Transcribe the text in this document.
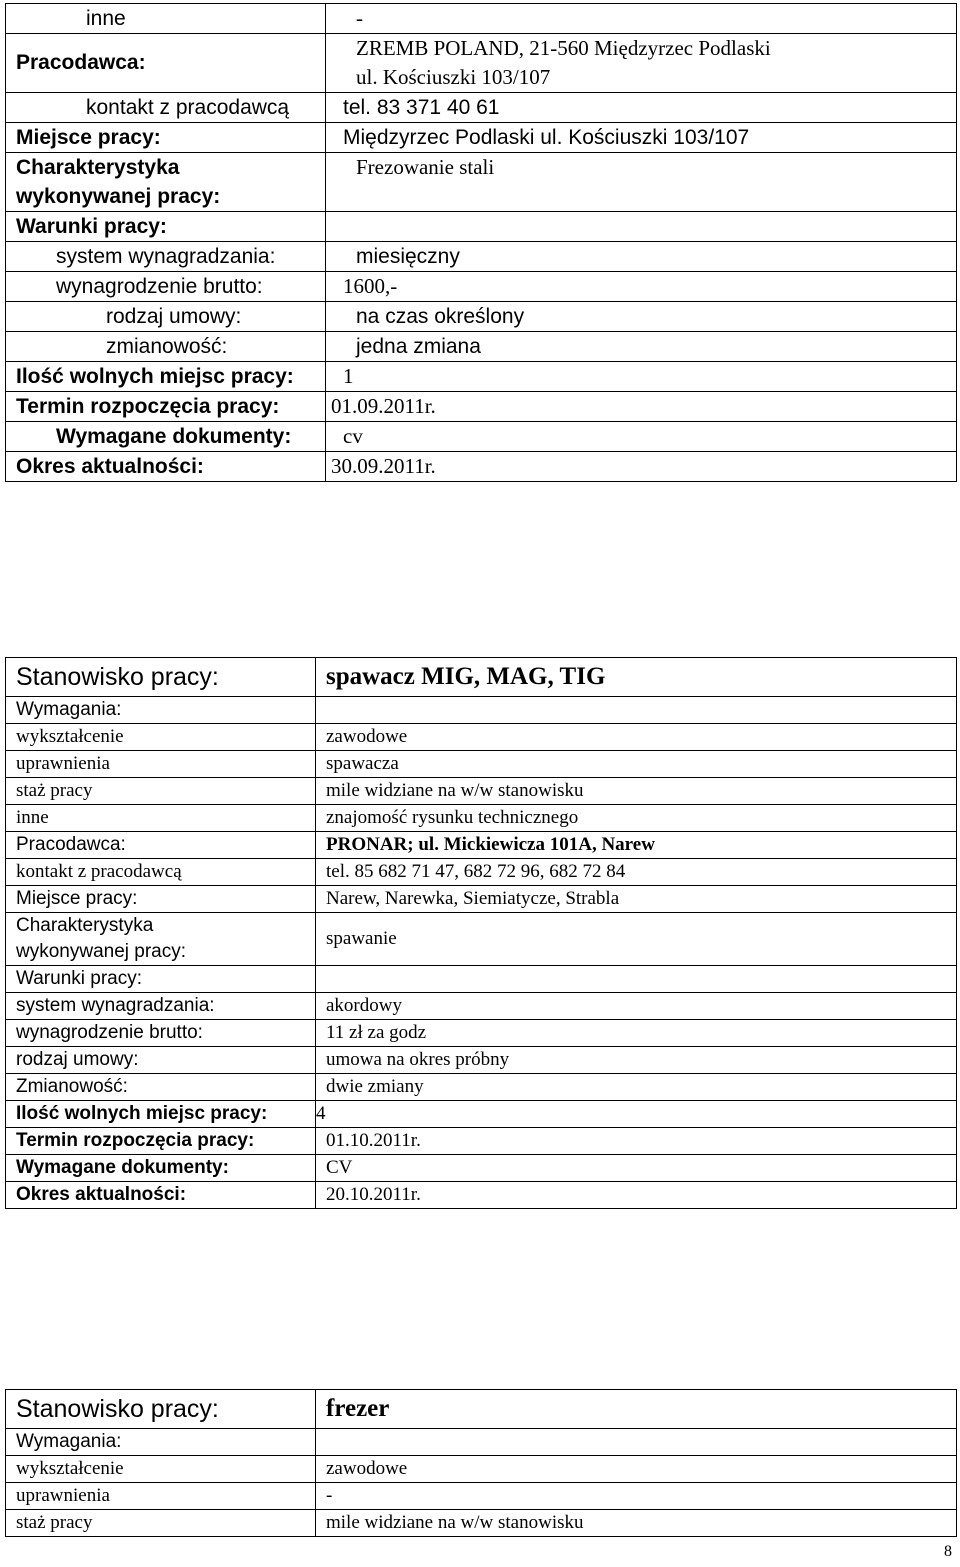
inne	-
Pracodawca:	ZREMB POLAND, 21-560 Międzyrzec Podlaski
ul. Kościuszki 103/107

kontakt z pracodawcą	tel. 83 371 40 61
Miejsce pracy:	Międzyrzec Podlaski ul. Kościuszki 103/107

Charakterystyka
wykonywanej pracy:	Frezowanie stali
Warunki pracy:	
system wynagradzania:	miesięczny
wynagrodzenie brutto:	1600,-
rodzaj umowy:	na czas określony
zmianowość:	jedna zmiana
Ilość wolnych miejsc pracy:	1
Termin rozpoczęcia pracy:	01.09.2011r.
Wymagane dokumenty:	cv
Okres aktualności:	30.09.2011r.
Stanowisko pracy:	spawacz MIG, MAG, TIG
Wymagania:	
wykształcenie	zawodowe
uprawnienia	spawacza
staż pracy	mile widziane na w/w stanowisku
inne	znajomość rysunku technicznego
Pracodawca:	PRONAR; ul. Mickiewicza 101A, Narew
kontakt z pracodawcą	tel. 85 682 71 47, 682 72 96, 682 72 84
Miejsce pracy:	Narew, Narewka, Siemiatycze, Strabla

Charakterystyka
wykonywanej pracy:	spawanie
Warunki pracy:	
system wynagradzania:	akordowy
wynagrodzenie brutto:	11 zł za godz
rodzaj umowy:	umowa na okres próbny
Zmianowość:	dwie zmiany
Ilość wolnych miejsc pracy:	4
Termin rozpoczęcia pracy:	01.10.2011r.
Wymagane dokumenty:	CV
Okres aktualności:	20.10.2011r.
Stanowisko pracy:	frezer
Wymagania:	
wykształcenie	zawodowe
uprawnienia	-
staż pracy	mile widziane na w/w stanowisku
8
